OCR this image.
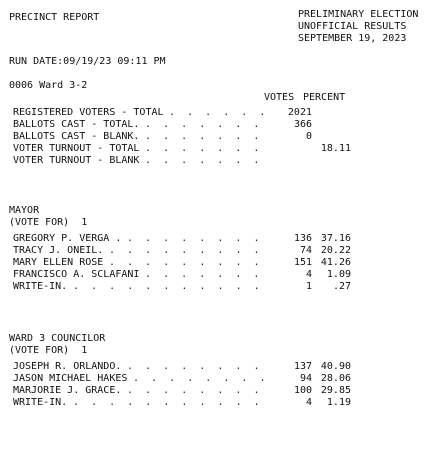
PRECINCT REPORT	PRELIMINARY ELECTION
UNOFFICIAL RESULTS
SEPTEMBER 19, 2023
RUN DATE:09/19/23 09:11 PM
0006 Ward 3-2
VOTES PERCENT
REGISTERED VOTERS - TOTAL .  .  .  .  .  .	2021
BALLOTS CAST - TOTAL. .  .  .  .  .  .  .	366
BALLOTS CAST - BLANK. .  .  .  .  .  .  .	0
VOTER TURNOUT - TOTAL .  .  .  .  .  .  .	18.11
VOTER TURNOUT - BLANK .  .  .  .  .  .  .
MAYOR
(VOTE FOR)  1
GREGORY P. VERGA . .  .  .  .  .  .  .  .	136 37.16
TRACY J. ONEIL. .  .  .  .  .  .  .  .  .	74 20.22
MARY ELLEN ROSE .  .  .  .  .  .  .  .  .	151 41.26
FRANCISCO A. SCLAFANI .  .  .  .  .  .  .	4	1.09
WRITE-IN. .  .  .  .  .  .  .  .  .  .  .	1	.27
WARD 3 COUNCILOR
(VOTE FOR)  1
JOSEPH R. ORLANDO. .  .  .  .  .  .  .  .	137 40.90
JASON MICHAEL HAKES .  .  .  .  .  .  .  .	94 28.06
MARJORIE J. GRACE. .  .  .  .  .  .  .  .	100 29.85
WRITE-IN. .  .  .  .  .  .  .  .  .  .  .	4	1.19
